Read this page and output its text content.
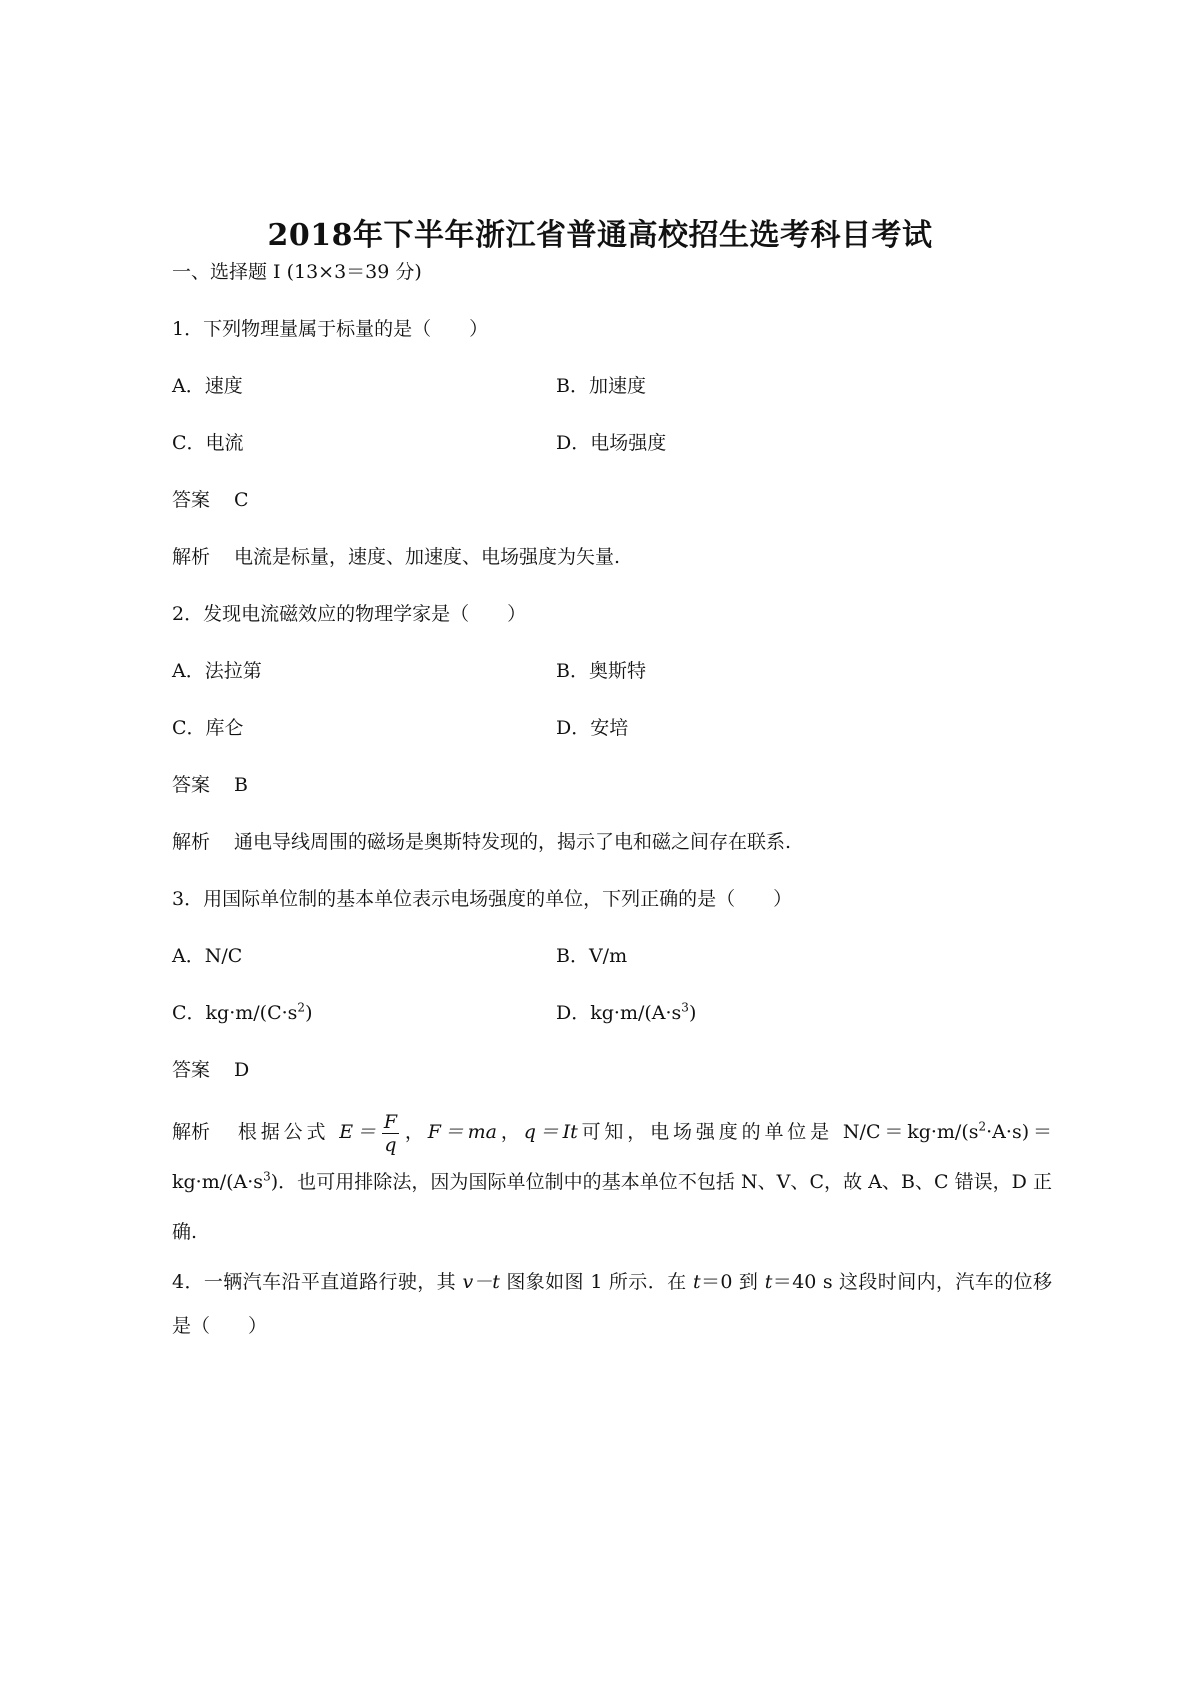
2018年下半年浙江省普通高校招生选考科目考试
一、选择题 I (13×3＝39 分)
1．下列物理量属于标量的是（　　）
A．速度	B．加速度
C．电流	D．电场强度
答案 C
解析 电流是标量，速度、加速度、电场强度为矢量.
2．发现电流磁效应的物理学家是（　　）
A．法拉第	B．奥斯特
C．库仑	D．安培
答案 B
解析 通电导线周围的磁场是奥斯特发现的，揭示了电和磁之间存在联系.
3．用国际单位制的基本单位表示电场强度的单位，下列正确的是（　　）
A．N/C	B．V/m
C．$kg\cdot m/(C\cdot s^2)$	D．$kg\cdot m/(A\cdot s^3)$
答案 D
解析 根据公式 $E= \frac{F}{q}$ ，F＝ma，q＝It可知，电场强度的单位是 $N/C=kg\cdot m/(s^2\cdot A\cdot s)=kg\cdot m/(A\cdot s^3)$．也可用排除法，因为国际单位制中的基本单位不包括 N、V、C，故 A、B、C 错误，D 正确.
4．一辆汽车沿平直道路行驶，其 v－t 图象如图 1 所示．在 t＝0 到 t＝40 s 这段时间内，汽车的位移是（　　）
